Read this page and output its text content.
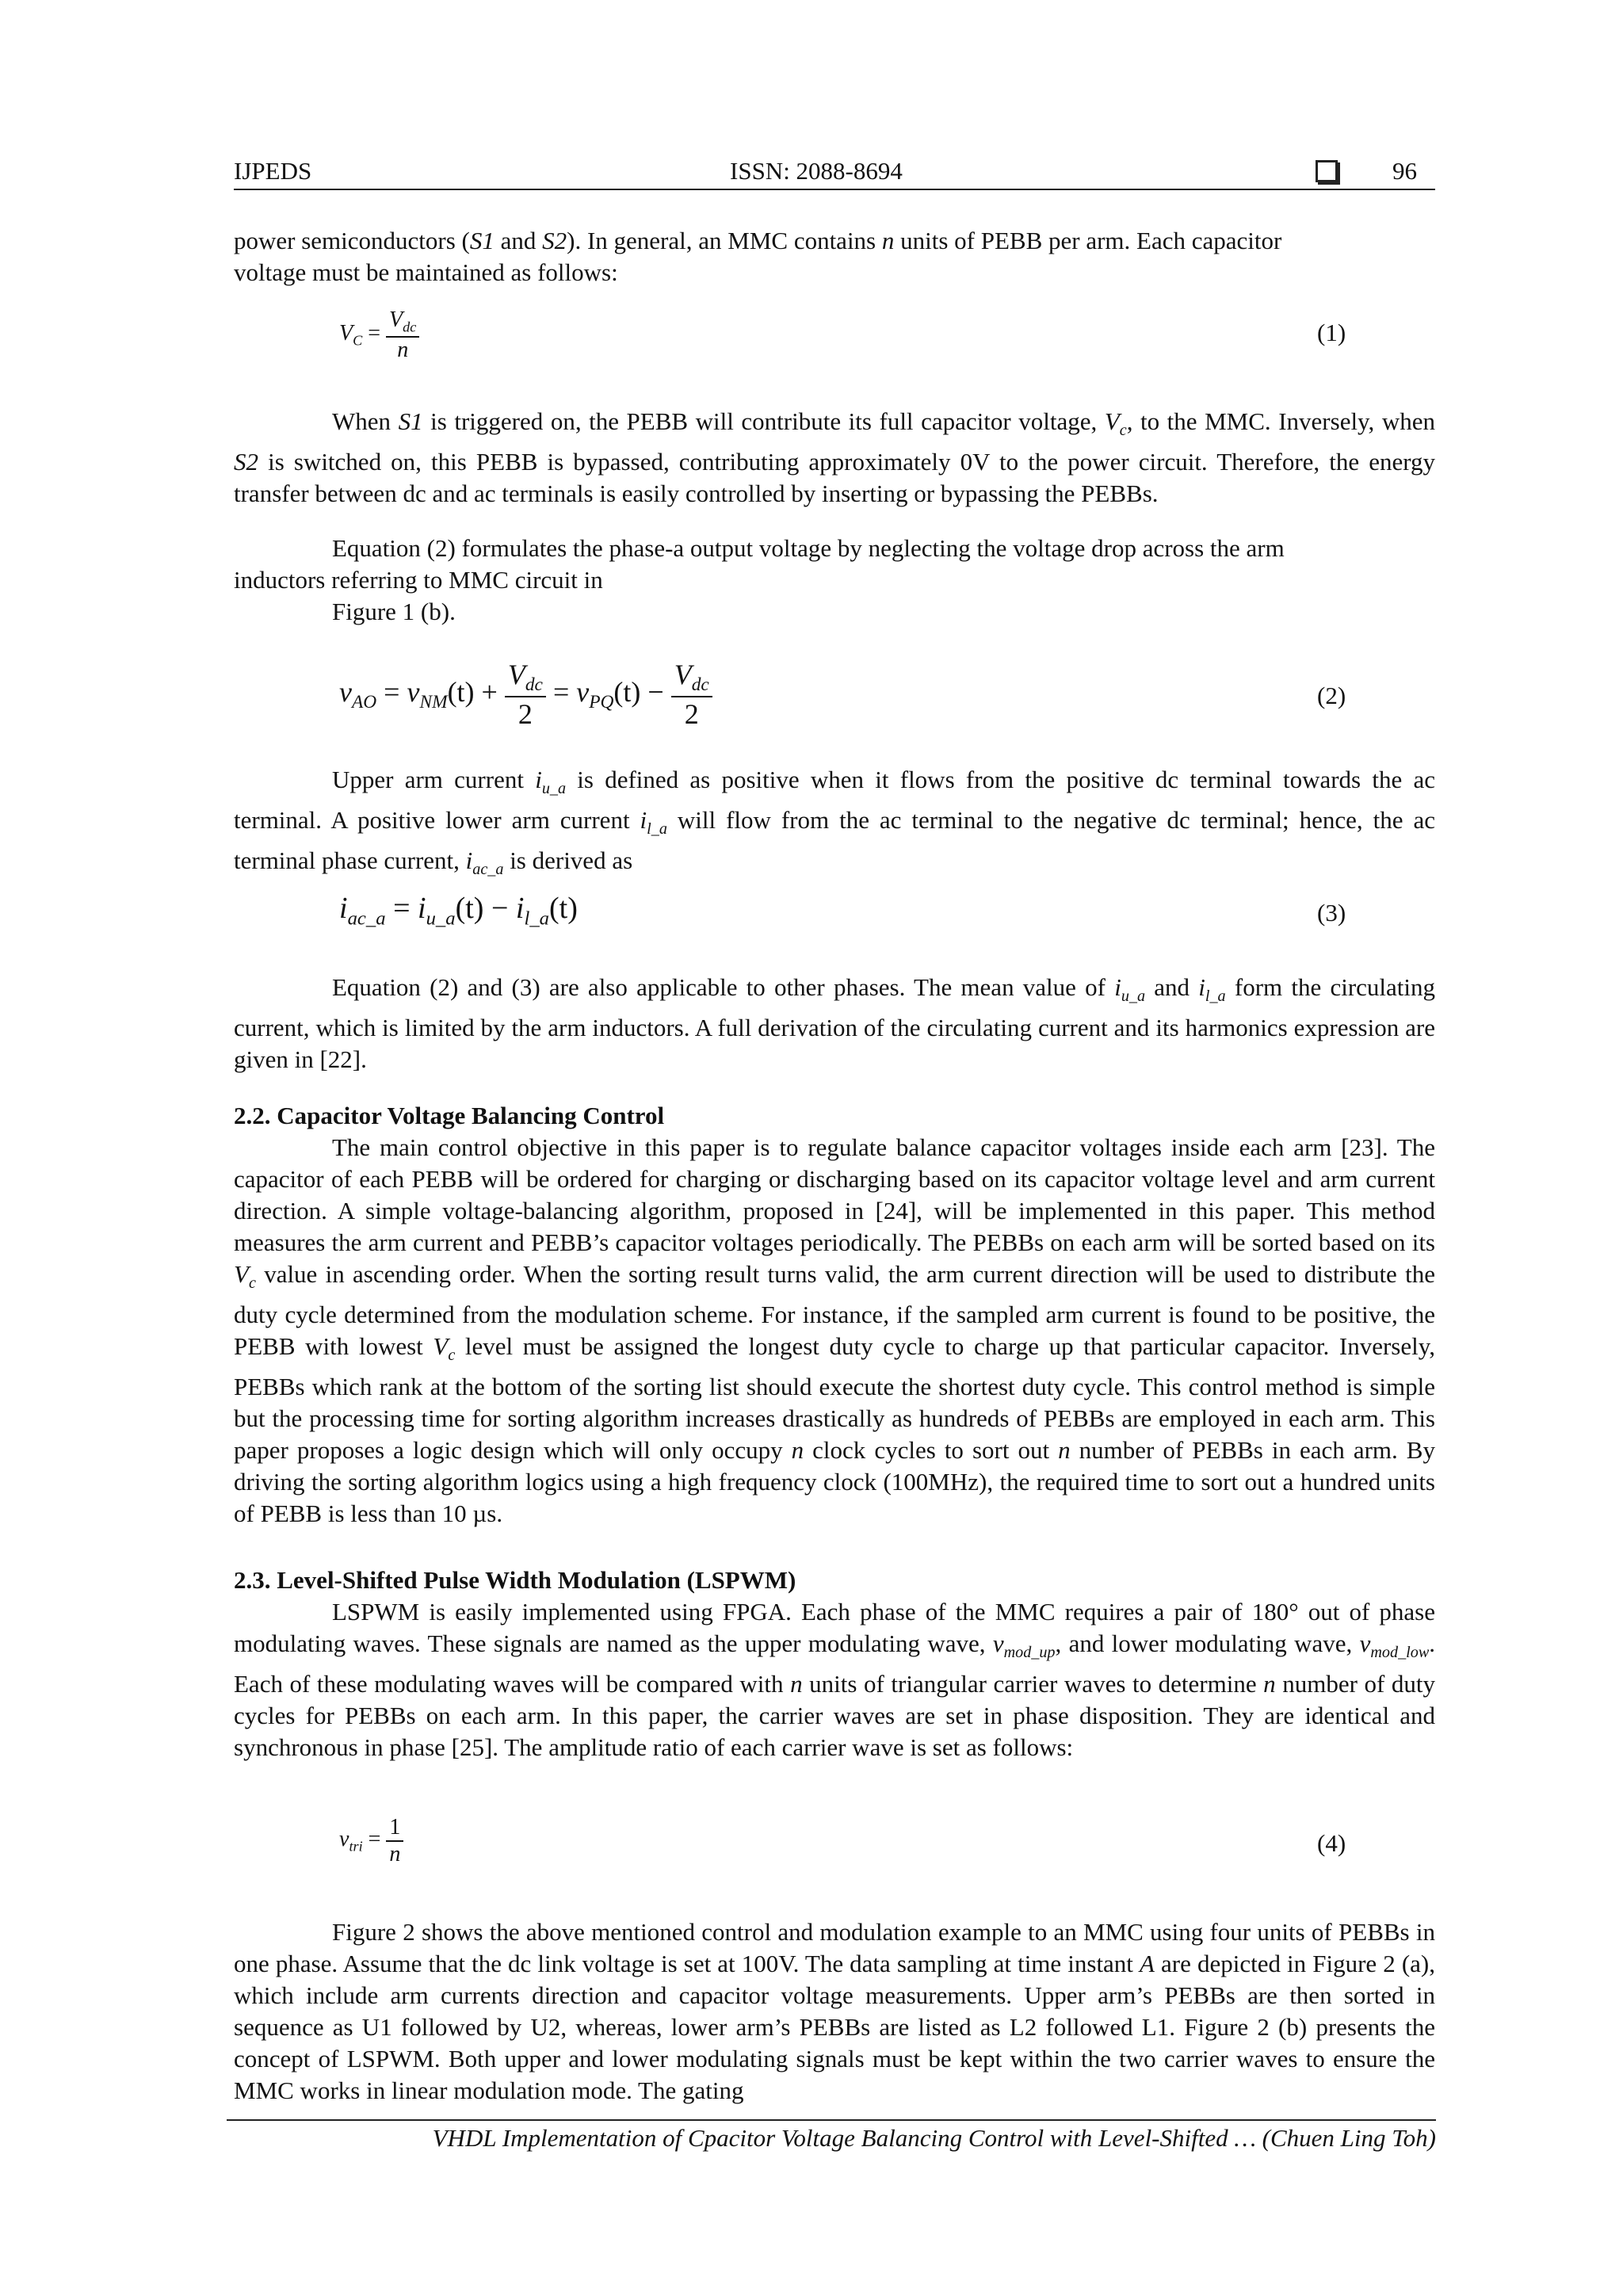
IJPEDS	ISSN: 2088-8694	96
power semiconductors (S1 and S2). In general, an MMC contains n units of PEBB per arm. Each capacitor
voltage must be maintained as follows:
$V_C = \frac{V_{dc}}{n}$	(1)
When S1 is triggered on, the PEBB will contribute its full capacitor voltage, $V_c$, to the MMC. Inversely, when S2 is switched on, this PEBB is bypassed, contributing approximately 0V to the power circuit. Therefore, the energy transfer between dc and ac terminals is easily controlled by inserting or bypassing the PEBBs.
Equation (2) formulates the phase-a output voltage by neglecting the voltage drop across the arm
inductors referring to MMC circuit in
Figure 1 (b).
$v_{AO} = v_{NM}(t) + \frac{V_{dc}}{2} = v_{PQ}(t) - \frac{V_{dc}}{2}$	(2)
Upper arm current $i_{u\_a}$ is defined as positive when it flows from the positive dc terminal towards the ac terminal. A positive lower arm current $i_{l\_a}$ will flow from the ac terminal to the negative dc terminal; hence, the ac terminal phase current, $i_{ac\_a}$ is derived as
$i_{ac\_a} = i_{u\_a}(t) - i_{l\_a}(t)$	(3)
Equation (2) and (3) are also applicable to other phases. The mean value of $i_{u\_a}$ and $i_{l\_a}$ form the circulating current, which is limited by the arm inductors. A full derivation of the circulating current and its harmonics expression are given in [22].
2.2. Capacitor Voltage Balancing Control
The main control objective in this paper is to regulate balance capacitor voltages inside each arm [23]. The capacitor of each PEBB will be ordered for charging or discharging based on its capacitor voltage level and arm current direction. A simple voltage-balancing algorithm, proposed in [24], will be implemented in this paper. This method measures the arm current and PEBB’s capacitor voltages periodically. The PEBBs on each arm will be sorted based on its $V_c$ value in ascending order. When the sorting result turns valid, the arm current direction will be used to distribute the duty cycle determined from the modulation scheme. For instance, if the sampled arm current is found to be positive, the PEBB with lowest $V_c$ level must be assigned the longest duty cycle to charge up that particular capacitor. Inversely, PEBBs which rank at the bottom of the sorting list should execute the shortest duty cycle. This control method is simple but the processing time for sorting algorithm increases drastically as hundreds of PEBBs are employed in each arm. This paper proposes a logic design which will only occupy n clock cycles to sort out n number of PEBBs in each arm. By driving the sorting algorithm logics using a high frequency clock (100MHz), the required time to sort out a hundred units of PEBB is less than 10 µs.
2.3. Level-Shifted Pulse Width Modulation (LSPWM)
LSPWM is easily implemented using FPGA. Each phase of the MMC requires a pair of 180° out of phase modulating waves. These signals are named as the upper modulating wave, $v_{mod\_up}$, and lower modulating wave, $v_{mod\_low}$. Each of these modulating waves will be compared with n units of triangular carrier waves to determine n number of duty cycles for PEBBs on each arm. In this paper, the carrier waves are set in phase disposition. They are identical and synchronous in phase [25]. The amplitude ratio of each carrier wave is set as follows:
$v_{tri} = \frac{1}{n}$	(4)
Figure 2 shows the above mentioned control and modulation example to an MMC using four units of PEBBs in one phase. Assume that the dc link voltage is set at 100V. The data sampling at time instant A are depicted in Figure 2 (a), which include arm currents direction and capacitor voltage measurements. Upper arm’s PEBBs are then sorted in sequence as U1 followed by U2, whereas, lower arm’s PEBBs are listed as L2 followed L1. Figure 2 (b) presents the concept of LSPWM. Both upper and lower modulating signals must be kept within the two carrier waves to ensure the MMC works in linear modulation mode. The gating
VHDL Implementation of Cpacitor Voltage Balancing Control with Level-Shifted … (Chuen Ling Toh)
